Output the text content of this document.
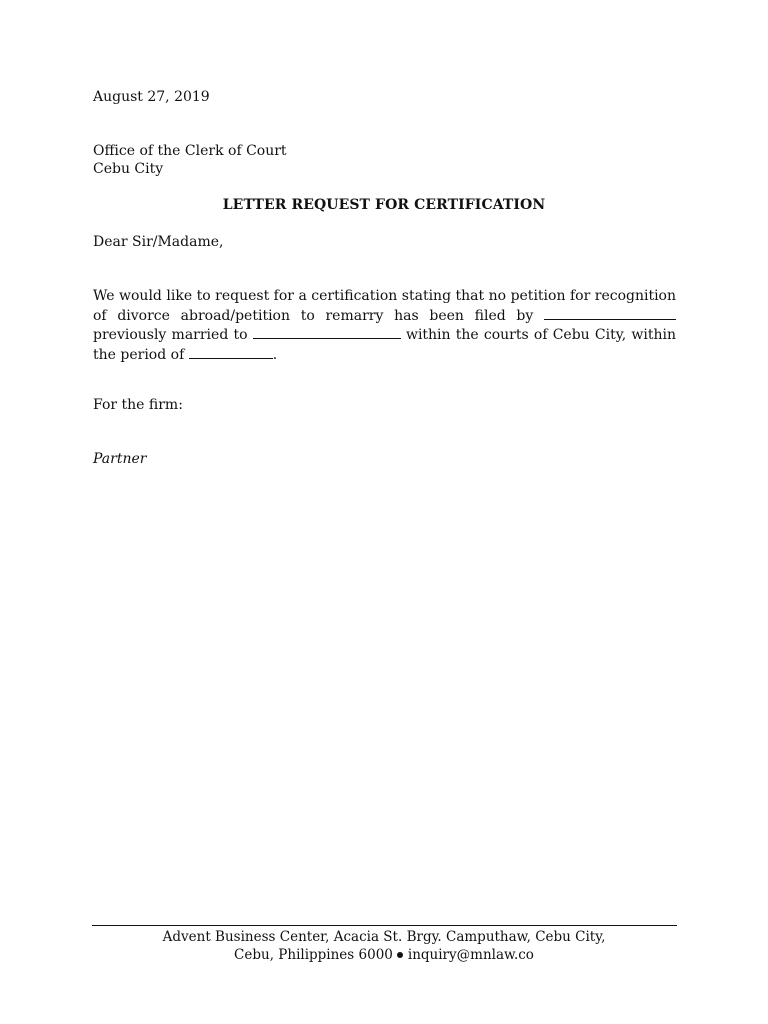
August 27, 2019
Office of the Clerk of Court
Cebu City
LETTER REQUEST FOR CERTIFICATION
Dear Sir/Madame,
We would like to request for a certification stating that no petition for recognition of divorce abroad/petition to remarry has been filed by  previously married to	within the courts of Cebu City, within the period of	.
For the firm:
Partner
Advent Business Center, Acacia St. Brgy. Camputhaw, Cebu City,
Cebu, Philippines 6000 inquiry@mnlaw.co
